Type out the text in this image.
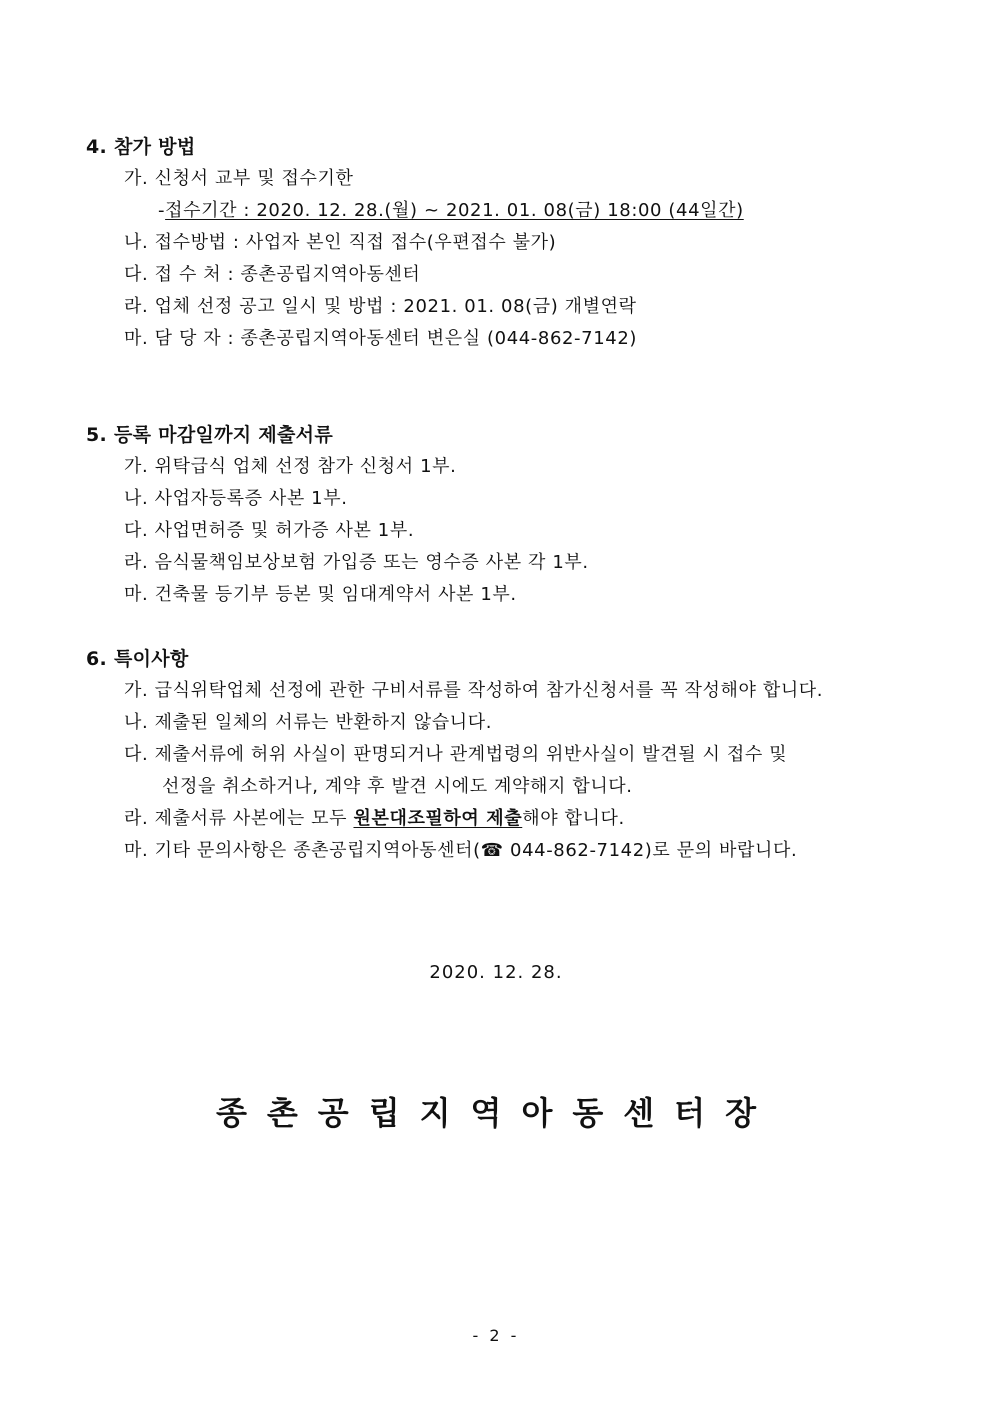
4. 참가 방법
가. 신청서 교부 및 접수기한
-접수기간 : 2020. 12. 28.(월) ~ 2021. 01. 08(금) 18:00 (44일간)
나. 접수방법 : 사업자 본인 직접 접수(우편접수 불가)
다. 접 수 처 : 종촌공립지역아동센터
라. 업체 선정 공고 일시 및 방법 : 2021. 01. 08(금) 개별연락
마. 담 당 자 : 종촌공립지역아동센터 변은실 (044-862-7142)
5. 등록 마감일까지 제출서류
가. 위탁급식 업체 선정 참가 신청서 1부.
나. 사업자등록증 사본 1부.
다. 사업면허증 및 허가증 사본 1부.
라. 음식물책임보상보험 가입증 또는 영수증 사본 각 1부.
마. 건축물 등기부 등본 및 임대계약서 사본 1부.
6. 특이사항
가. 급식위탁업체 선정에 관한 구비서류를 작성하여 참가신청서를 꼭 작성해야 합니다.
나. 제출된 일체의 서류는 반환하지 않습니다.
다. 제출서류에 허위 사실이 판명되거나 관계법령의 위반사실이 발견될 시 접수 및
선정을 취소하거나, 계약 후 발견 시에도 계약해지 합니다.
라. 제출서류 사본에는 모두 원본대조필하여 제출해야 합니다.
마. 기타 문의사항은 종촌공립지역아동센터(☎ 044-862-7142)로 문의 바랍니다.
2020. 12. 28.
종촌공립지역아동센터장
- 2 -
